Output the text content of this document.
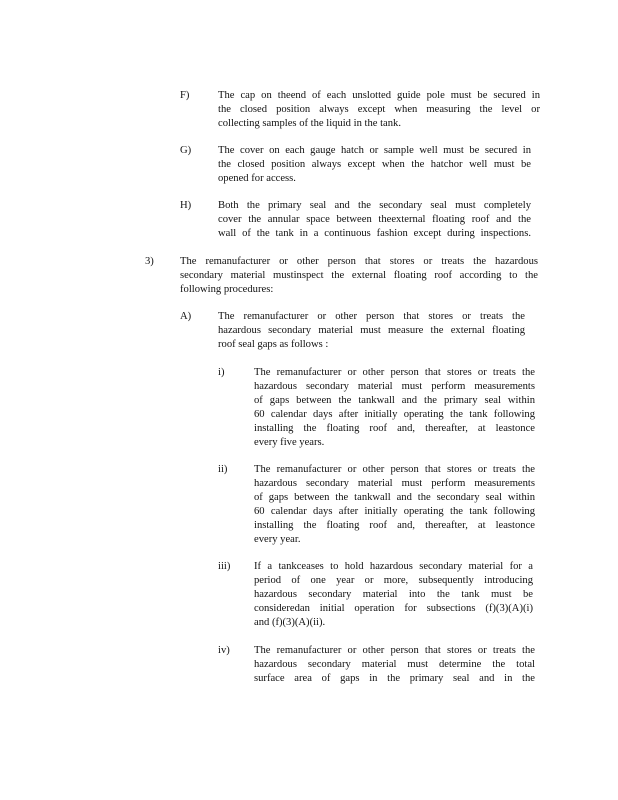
F)	The cap on theend of each unslotted guide pole must be secured in
the closed position always except when measuring the level or
collecting samples of the liquid in the tank.
G)	The cover on each gauge hatch or sample well must be secured in
the closed position always except when the hatchor well must be
opened for access.
H)	Both the primary seal and the secondary seal must completely
cover the annular space between theexternal floating roof and the
wall of the tank in a continuous fashion except during inspections.
3) The remanufacturer or other person that stores or treats the hazardous
secondary material mustinspect the external floating roof according to the
following procedures:
A)	The remanufacturer or other person that stores or treats the
hazardous secondary material must measure the external floating
roof seal gaps as follows :
i)	The remanufacturer or other person that stores or treats the
hazardous secondary material must perform measurements
of gaps between the tankwall and the primary seal within
60 calendar days after initially operating the tank following
installing the floating roof and, thereafter, at leastonce
every five years.
ii)	The remanufacturer or other person that stores or treats the
hazardous secondary material must perform measurements
of gaps between the tankwall and the secondary seal within
60 calendar days after initially operating the tank following
installing the floating roof and, thereafter, at leastonce
every year.
iii) If a tankceases to hold hazardous secondary material for a
period of one year or more, subsequently introducing
hazardous secondary material into the tank must be
consideredan initial operation for subsections (f)(3)(A)(i)
and (f)(3)(A)(ii).
iv) The remanufacturer or other person that stores or treats the
hazardous secondary material must determine the total
surface area of gaps in the primary seal and in the
